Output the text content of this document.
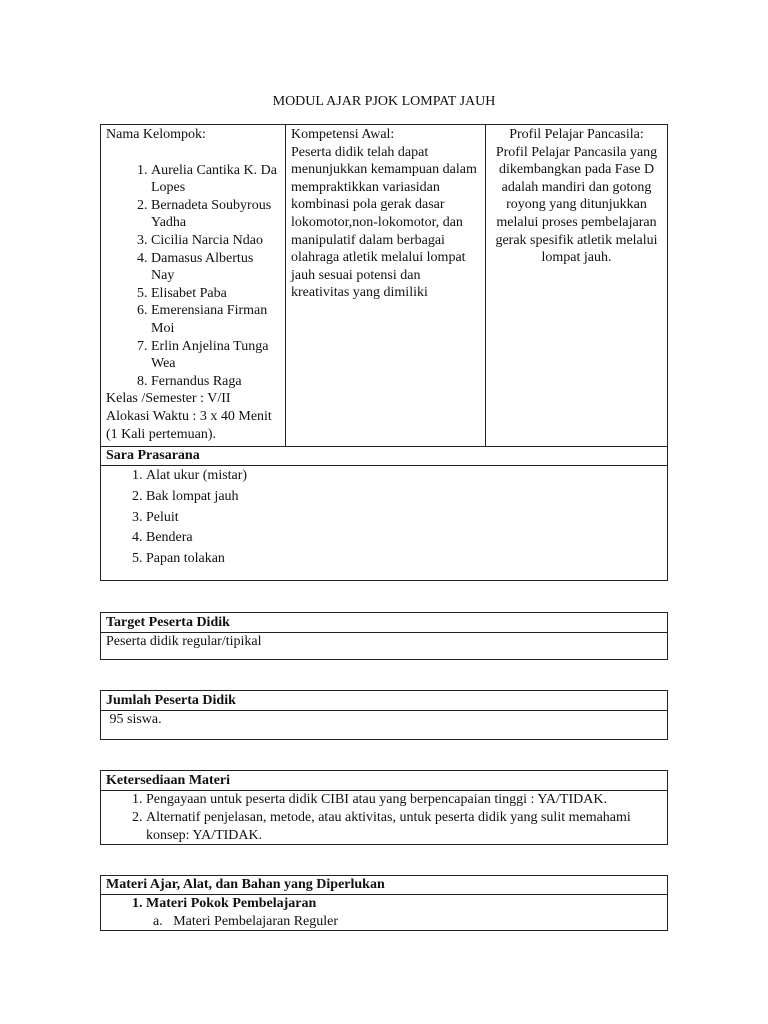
MODUL AJAR PJOK LOMPAT JAUH
Nama Kelompok:
1. Aurelia Cantika K. Da Lopes
2. Bernadeta Soubyrous Yadha
3. Cicilia Narcia Ndao
4. Damasus Albertus Nay
5. Elisabet Paba
6. Emerensiana Firman Moi
7. Erlin Anjelina Tunga Wea
8. Fernandus Raga
Kelas /Semester : V/II
Alokasi Waktu : 3 x 40 Menit (1 Kali pertemuan).
Kompetensi Awal:
Peserta didik telah dapat menunjukkan kemampuan dalam mempraktikkan variasidan kombinasi pola gerak dasar lokomotor,non-lokomotor, dan manipulatif dalam berbagai olahraga atletik melalui lompat jauh sesuai potensi dan kreativitas yang dimiliki
Profil Pelajar Pancasila:
Profil Pelajar Pancasila yang dikembangkan pada Fase D adalah mandiri dan gotong royong yang ditunjukkan melalui proses pembelajaran gerak spesifik atletik melalui lompat jauh.
Sara Prasarana
1. Alat ukur (mistar)
2. Bak lompat jauh
3. Peluit
4. Bendera
5. Papan tolakan
Target Peserta Didik
Peserta didik regular/tipikal
Jumlah Peserta Didik
95 siswa.
Ketersediaan Materi
1. Pengayaan untuk peserta didik CIBI atau yang berpencapaian tinggi : YA/TIDAK.
2. Alternatif penjelasan, metode, atau aktivitas, untuk peserta didik yang sulit memahami konsep: YA/TIDAK.
Materi Ajar, Alat, dan Bahan yang Diperlukan
1. Materi Pokok Pembelajaran
a.   Materi Pembelajaran Reguler
